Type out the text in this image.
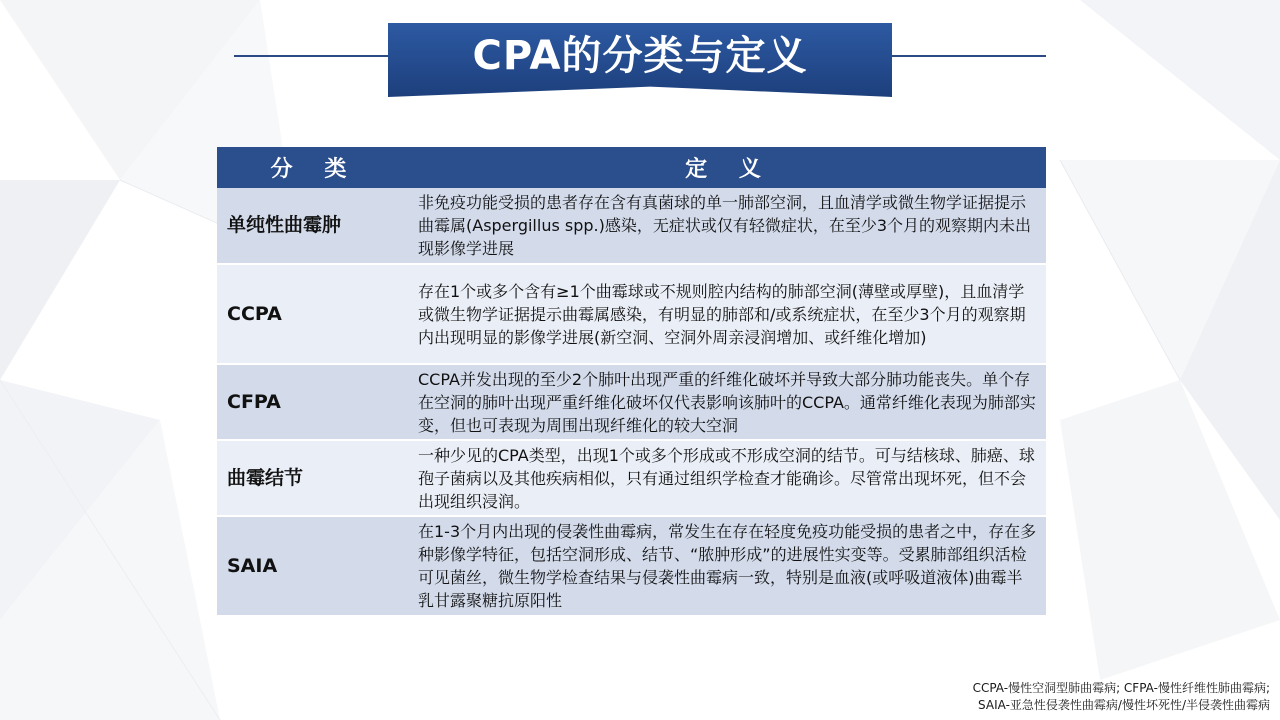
CPA的分类与定义
分 类	定 义
单纯性曲霉肿	非免疫功能受损的患者存在含有真菌球的单一肺部空洞，且血清学或微生物学证据提示曲霉属(Aspergillus spp.)感染，无症状或仅有轻微症状，在至少3个月的观察期内未出现影像学进展
CCPA	存在1个或多个含有≥1个曲霉球或不规则腔内结构的肺部空洞(薄壁或厚壁)，且血清学或微生物学证据提示曲霉属感染，有明显的肺部和/或系统症状，在至少3个月的观察期内出现明显的影像学进展(新空洞、空洞外周亲浸润增加、或纤维化增加)
CFPA	CCPA并发出现的至少2个肺叶出现严重的纤维化破坏并导致大部分肺功能丧失。单个存在空洞的肺叶出现严重纤维化破坏仅代表影响该肺叶的CCPA。通常纤维化表现为肺部实变，但也可表现为周围出现纤维化的较大空洞
曲霉结节	一种少见的CPA类型，出现1个或多个形成或不形成空洞的结节。可与结核球、肺癌、球孢子菌病以及其他疾病相似，只有通过组织学检查才能确诊。尽管常出现坏死，但不会出现组织浸润。
SAIA	在1-3个月内出现的侵袭性曲霉病，常发生在存在轻度免疫功能受损的患者之中，存在多种影像学特征，包括空洞形成、结节、“脓肿形成”的进展性实变等。受累肺部组织活检可见菌丝，微生物学检查结果与侵袭性曲霉病一致，特别是血液(或呼吸道液体)曲霉半乳甘露聚糖抗原阳性
CCPA-慢性空洞型肺曲霉病; CFPA-慢性纤维性肺曲霉病;
SAIA-亚急性侵袭性曲霉病/慢性坏死性/半侵袭性曲霉病
